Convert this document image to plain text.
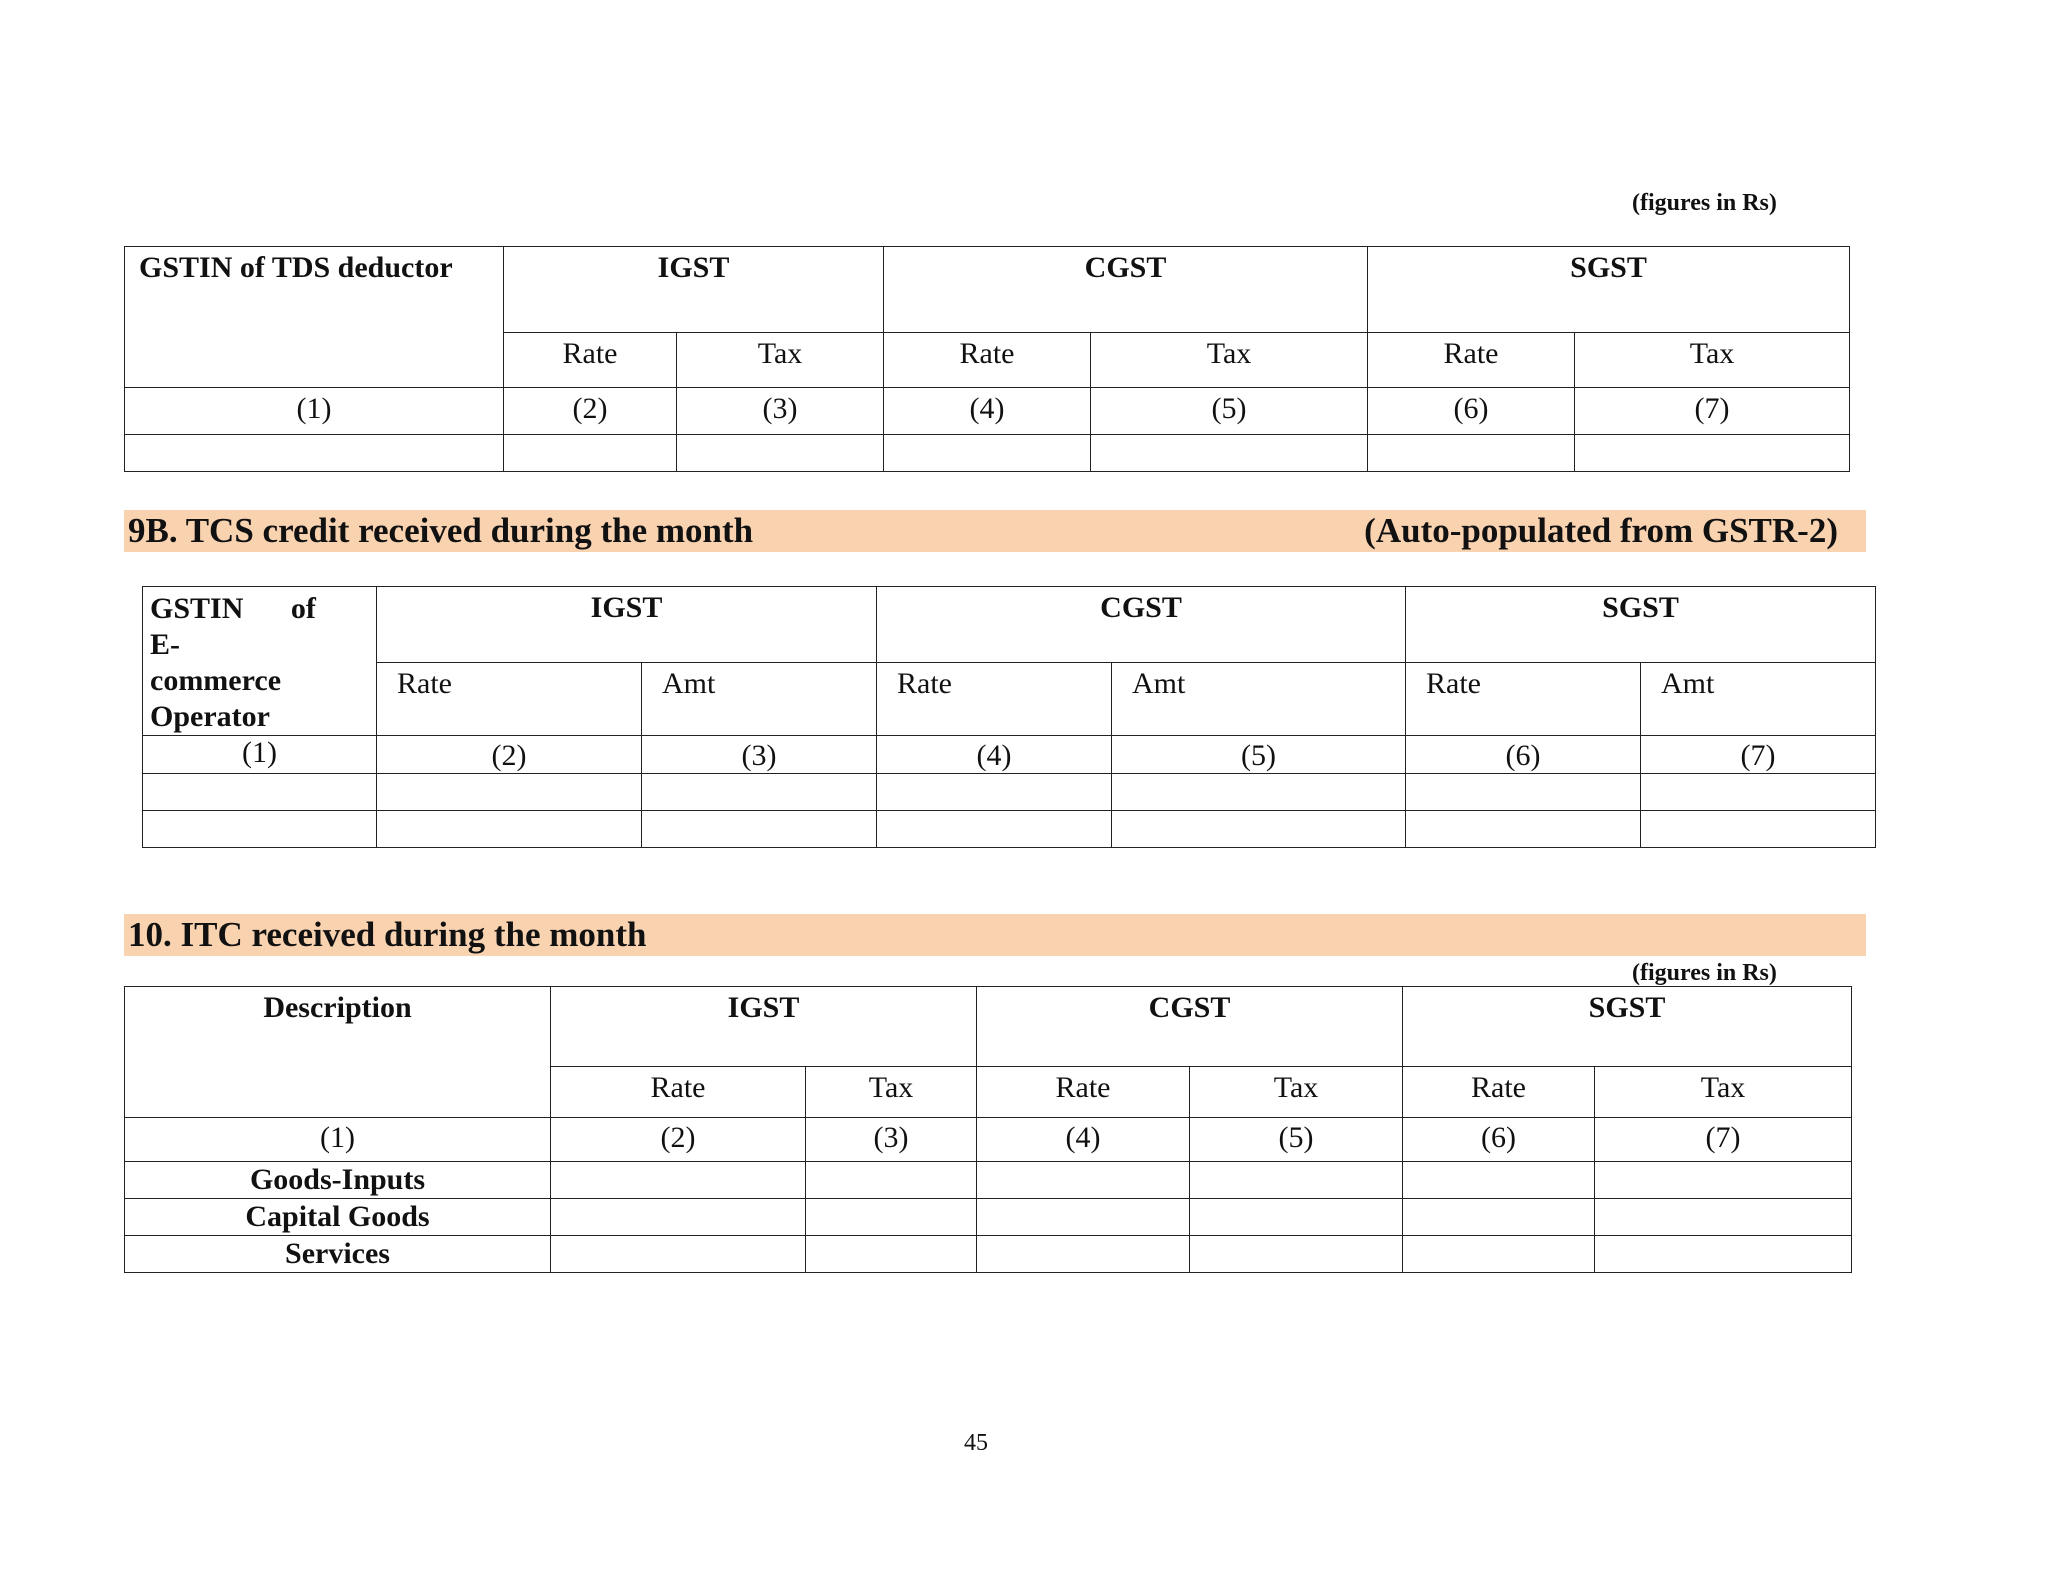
(figures in Rs)
GSTIN of TDS deductor	IGST		CGST		SGST	
	Rate	Tax	Rate	Tax	Rate	Tax
(1)	(2)	(3)	(4)	(5)	(6)	(7)

9B. TCS credit received during the month	(Auto-populated from GSTR-2)
GSTIN of E-
commerce
Operator	IGST		CGST		SGST	
	Rate	Amt	Rate	Amt	Rate	Amt
(1)	(2)	(3)	(4)	(5)	(6)	(7)

10. ITC received during the month
(figures in Rs)
Description	IGST		CGST		SGST	
	Rate	Tax	Rate	Tax	Rate	Tax
(1)	(2)	(3)	(4)	(5)	(6)	(7)
Goods-Inputs						
Capital Goods						
Services						
45
